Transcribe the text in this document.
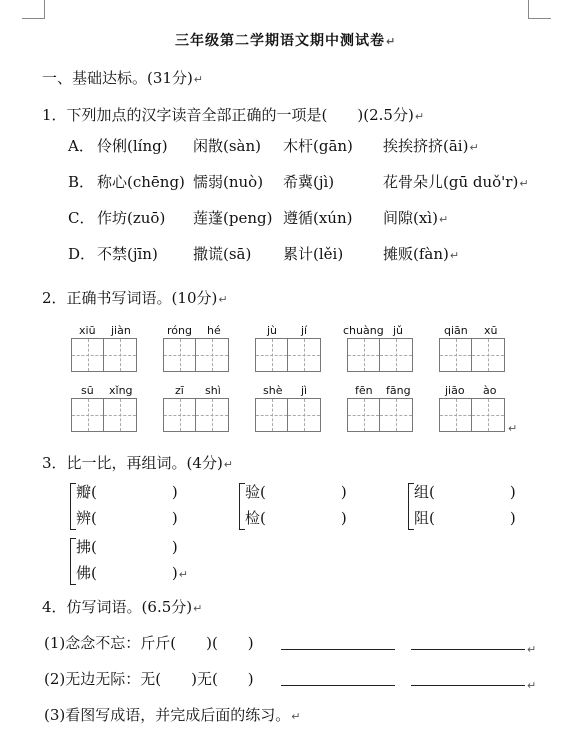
三年级第二学期语文期中测试卷↵
一、基础达标。(31分)↵
1．下列加点的汉字读音全部正确的一项是(　　)(2.5分)↵
A． 伶俐(líng) 闲散(sàn) 木杆(gān) 挨挨挤挤(āi)↵
B． 称心(chēng) 懦弱(nuò) 希冀(jì)	花骨朵儿(gū duǒ'r)↵
C． 作坊(zuō) 莲蓬(peng) 遵循(xún) 间隙(xì)↵
D． 不禁(jīn) 撒谎(sā) 累计(lěi)	摊贩(fàn)↵
2．正确书写词语。(10分)↵
xiū jiàn	róng hé	jù jí	chuàng jǔ	qiān xū
sū xǐng	zī shì	shè jì	fēn fāng	jiāo ào
↵
3．比一比，再组词。(4分)↵
瓣(　　　　　)
辨(　　　　　)
验(　　　　　)
检(　　　　　)
组(　　　　　)
阻(　　　　　)
拂(　　　　　)
佛(　　　　　)↵
4．仿写词语。(6.5分)↵
(1)念念不忘：斤斤(　　)(　　)	↵
(2)无边无际：无(　　)无(　　)	↵
(3)看图写成语，并完成后面的练习。↵
